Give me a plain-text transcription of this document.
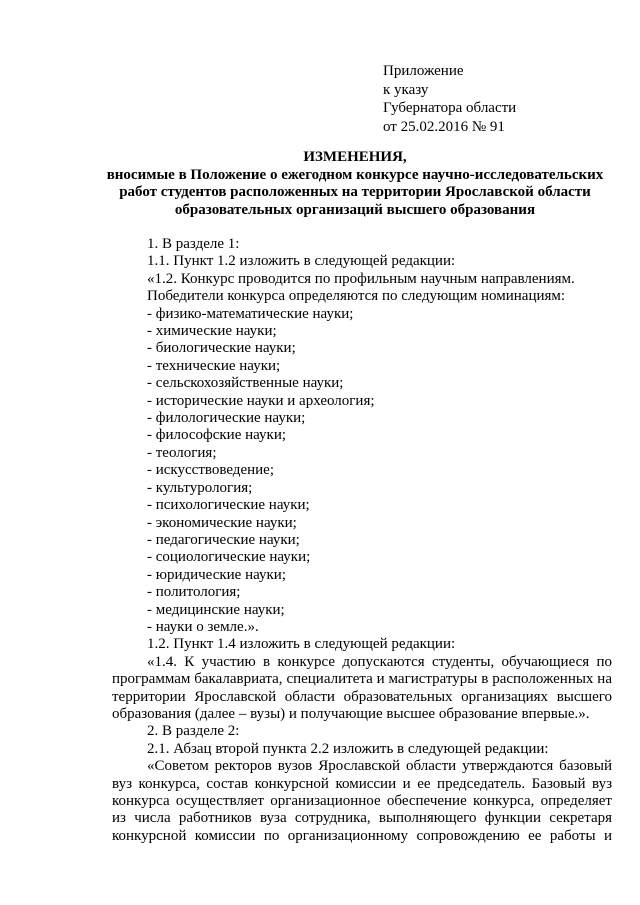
Приложение
к указу
Губернатора области
от 25.02.2016 № 91
ИЗМЕНЕНИЯ,
вносимые в Положение о ежегодном конкурсе научно-исследовательских
работ студентов расположенных на территории Ярославской области
образовательных организаций высшего образования
1. В разделе 1:
1.1. Пункт 1.2 изложить в следующей редакции:
«1.2. Конкурс проводится по профильным научным направлениям.
Победители конкурса определяются по следующим номинациям:
- физико-математические науки;
- химические науки;
- биологические науки;
- технические науки;
- сельскохозяйственные науки;
- исторические науки и археология;
- филологические науки;
- философские науки;
- теология;
- искусствоведение;
- культурология;
- психологические науки;
- экономические науки;
- педагогические науки;
- социологические науки;
- юридические науки;
- политология;
- медицинские науки;
- науки о земле.».
1.2. Пункт 1.4 изложить в следующей редакции:
«1.4. К участию в конкурсе допускаются студенты, обучающиеся по
программам бакалавриата, специалитета и магистратуры в расположенных на
территории Ярославской области образовательных организациях высшего
образования (далее – вузы) и получающие высшее образование впервые.».
2. В разделе 2:
2.1. Абзац второй пункта 2.2 изложить в следующей редакции:
«Советом ректоров вузов Ярославской области утверждаются базовый
вуз конкурса, состав конкурсной комиссии и ее председатель. Базовый вуз
конкурса осуществляет организационное обеспечение конкурса, определяет
из числа работников вуза сотрудника, выполняющего функции секретаря
конкурсной комиссии по организационному сопровождению ее работы и
